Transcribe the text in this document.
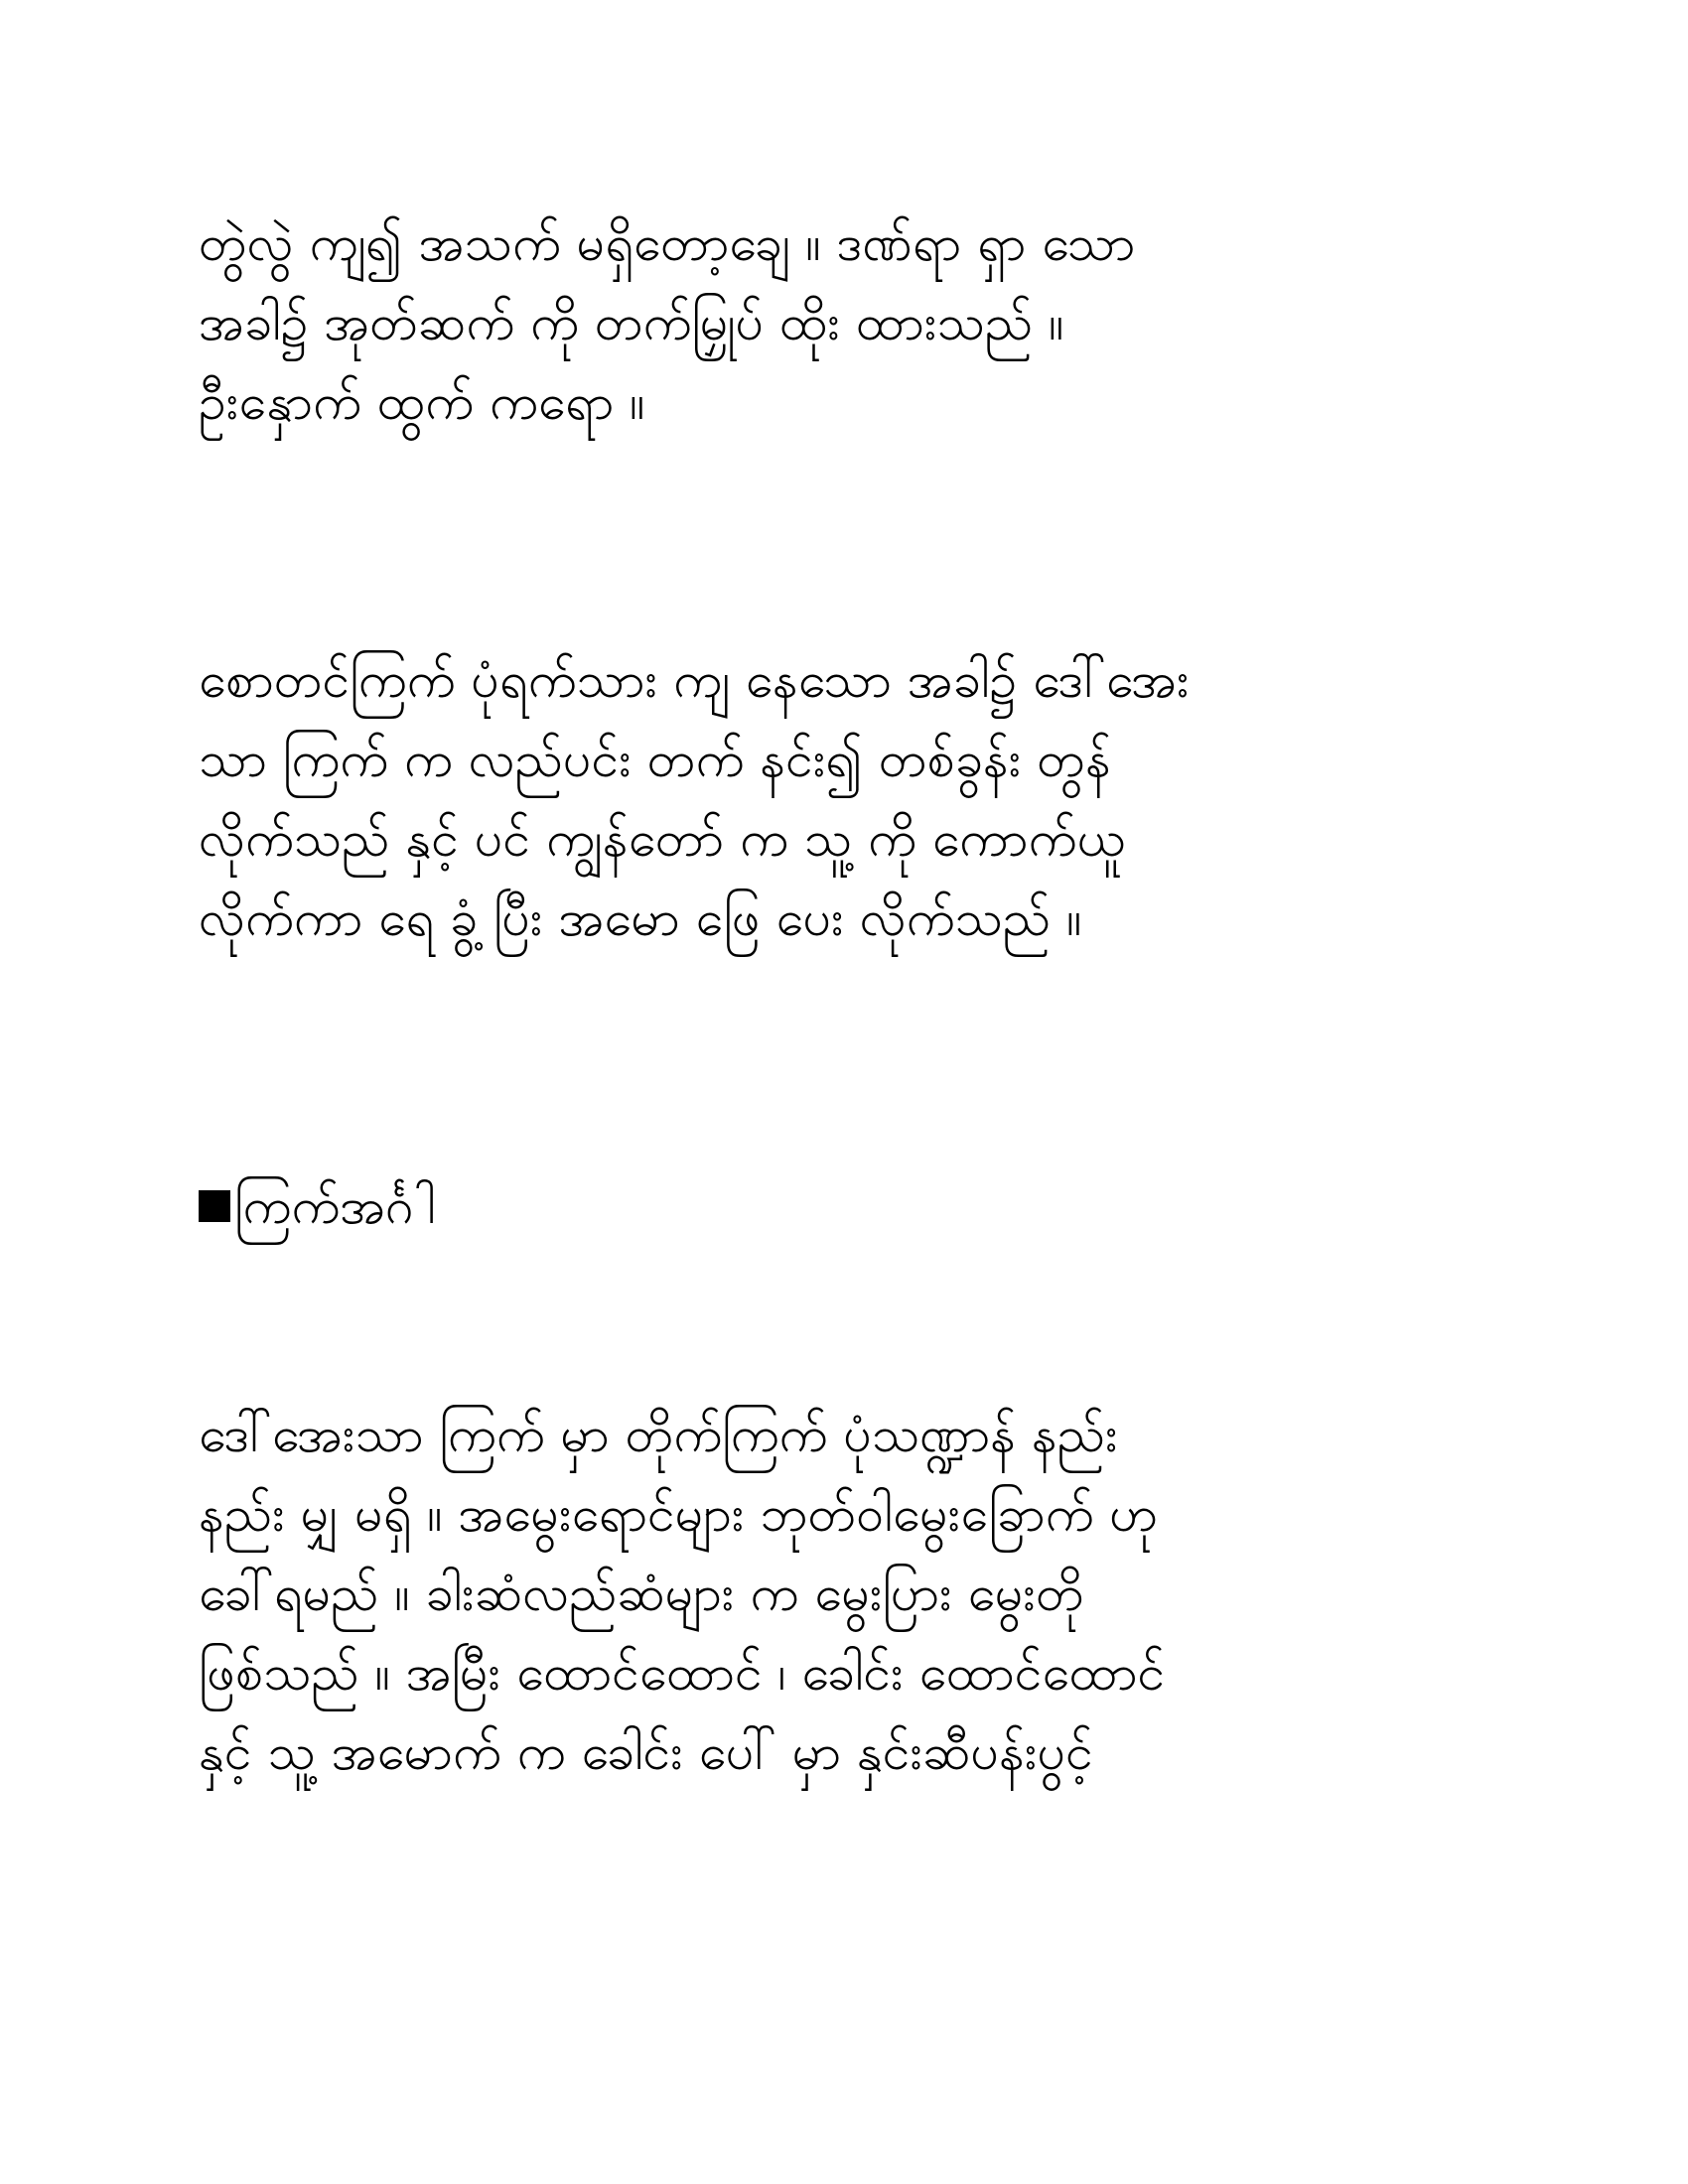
တွဲလွဲ ကျ၍ အသက် မရှိတော့ချေ ။ ဒဏ်ရာ ရှာ သော
အခါ၌ အုတ်ဆက် ကို တက်မြှုပ် ထိုး ထားသည် ။
ဦးနှောက် ထွက် ကရော ။
စောတင်ကြက် ပုံရက်သား ကျ နေသော အခါ၌ ဒေါ်အေး
သာ ကြက် က လည်ပင်း တက် နင်း၍ တစ်ခွန်း တွန်
လိုက်သည် နှင့် ပင် ကျွန်တော် က သူ့ ကို ကောက်ယူ
လိုက်ကာ ရေ ခွံ့ ပြီး အမော ဖြေ ပေး လိုက်သည် ။
ကြက်အင်္ဂါ
ဒေါ်အေးသာ ကြက် မှာ တိုက်ကြက် ပုံသဏ္ဍာန် နည်း
နည်း မျှ မရှိ ။ အမွေးရောင်များ ဘုတ်ဝါမွေးခြောက် ဟု
ခေါ်ရမည် ။ ခါးဆံလည်ဆံများ က မွေးပြား မွေးတို
ဖြစ်သည် ။ အမြီး ထောင်ထောင် ၊ ခေါင်း ထောင်ထောင်
နှင့် သူ့ အမောက် က ခေါင်း ပေါ် မှာ နှင်းဆီပန်းပွင့်
